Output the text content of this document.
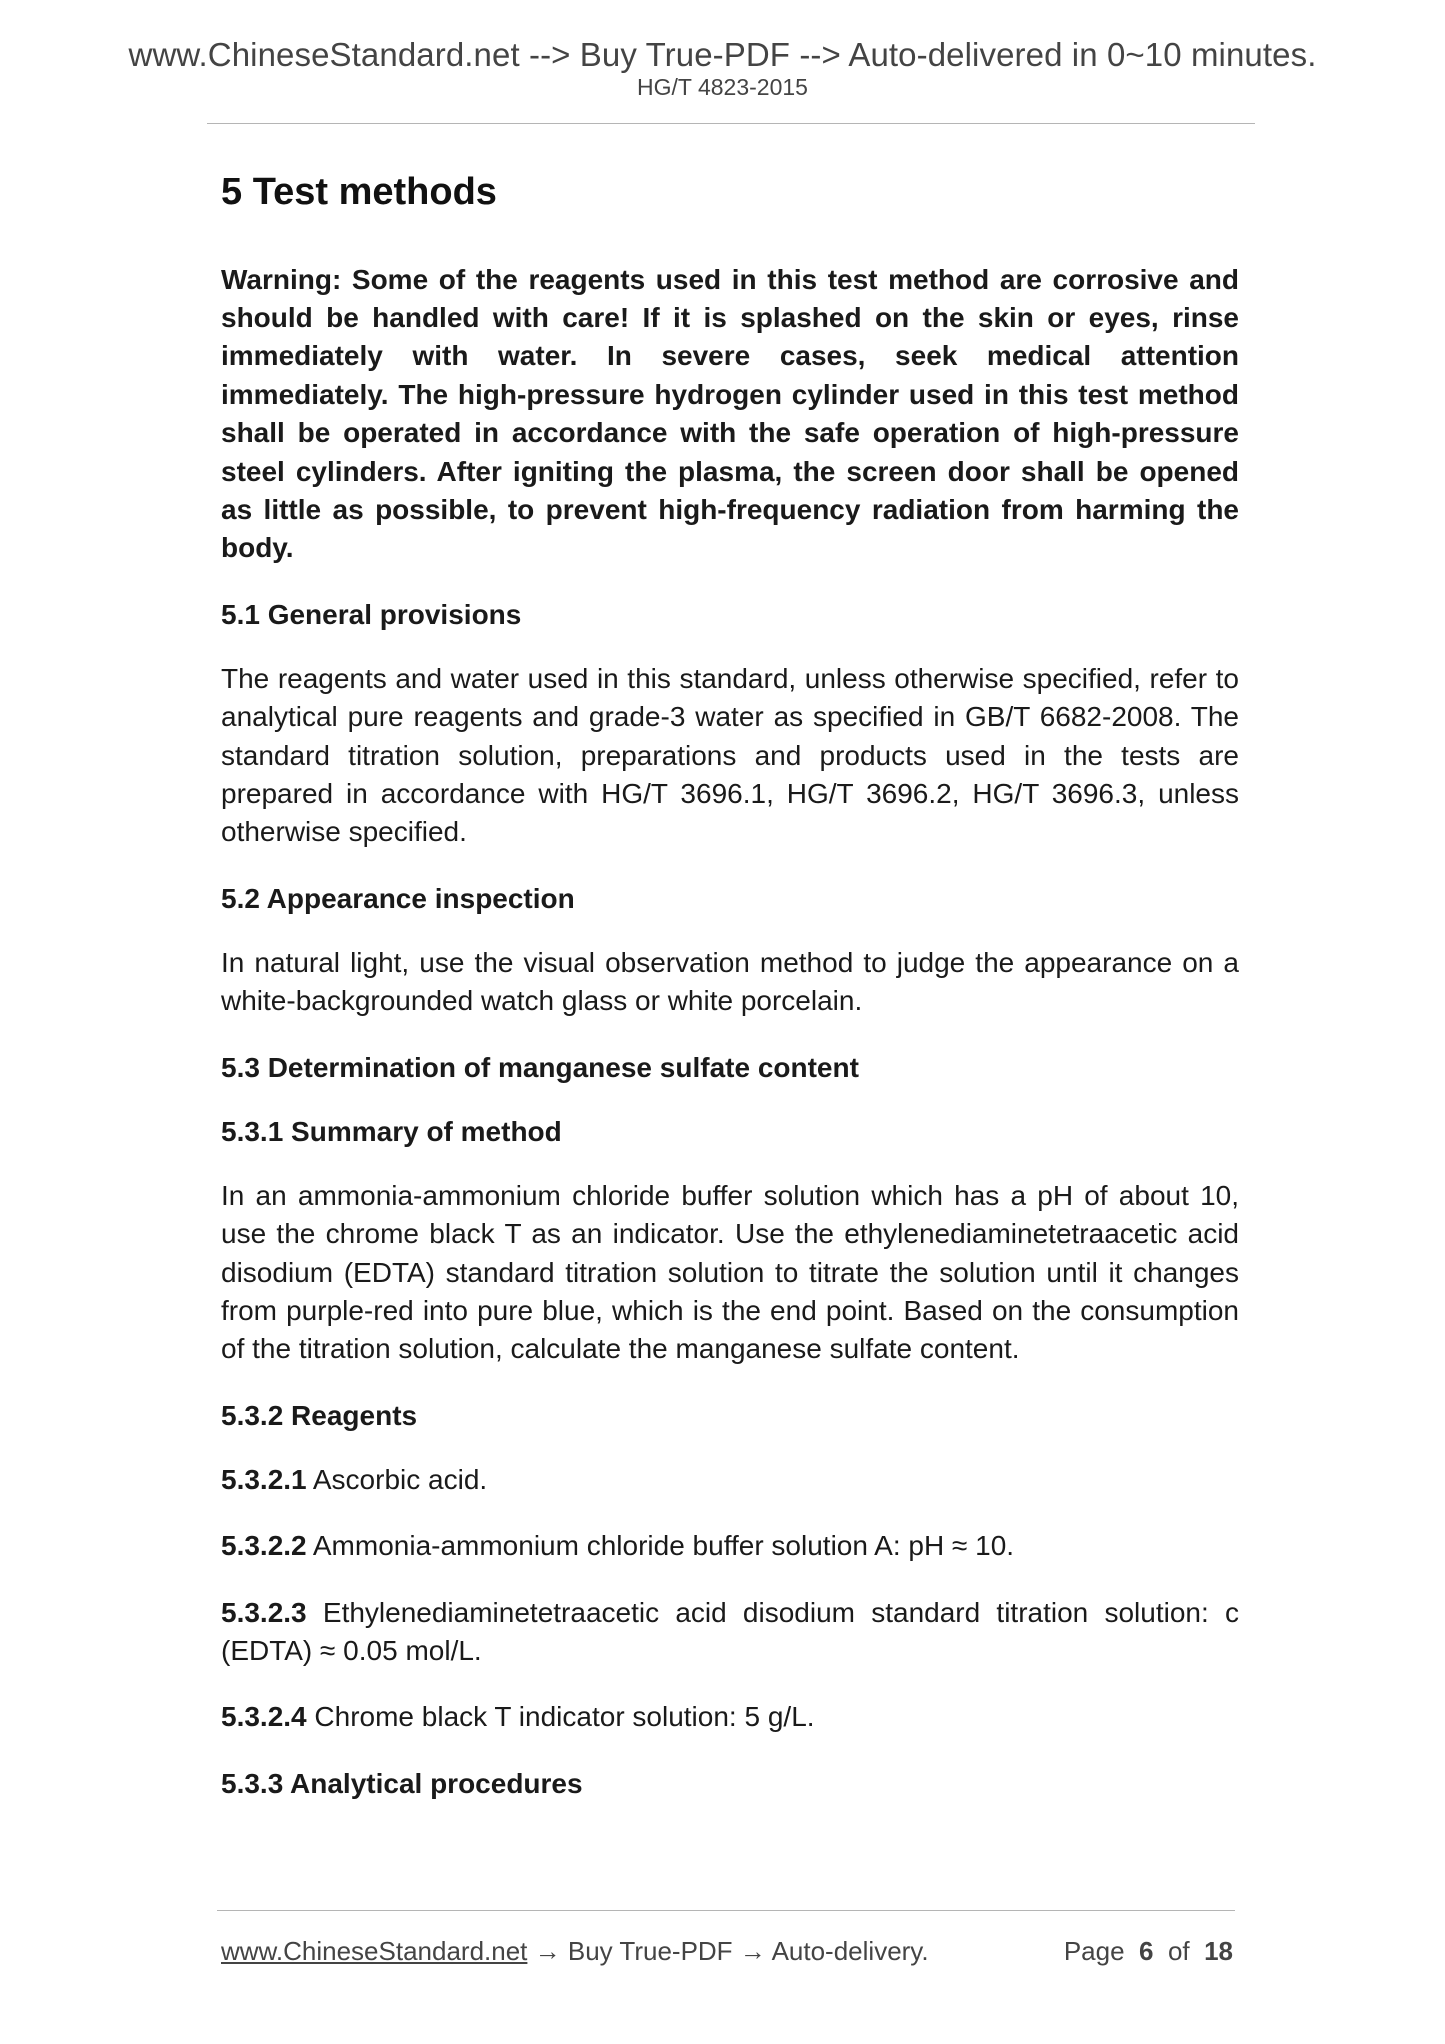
www.ChineseStandard.net --> Buy True-PDF --> Auto-delivered in 0~10 minutes.
HG/T 4823-2015
5 Test methods

Warning: Some of the reagents used in this test method are corrosive and should be handled with care! If it is splashed on the skin or eyes, rinse immediately with water. In severe cases, seek medical attention immediately. The high-pressure hydrogen cylinder used in this test method shall be operated in accordance with the safe operation of high-pressure steel cylinders. After igniting the plasma, the screen door shall be opened as little as possible, to prevent high-frequency radiation from harming the body.

5.1 General provisions

The reagents and water used in this standard, unless otherwise specified, refer to analytical pure reagents and grade-3 water as specified in GB/T 6682-2008. The standard titration solution, preparations and products used in the tests are prepared in accordance with HG/T 3696.1, HG/T 3696.2, HG/T 3696.3, unless otherwise specified.

5.2 Appearance inspection

In natural light, use the visual observation method to judge the appearance on a white-backgrounded watch glass or white porcelain.

5.3 Determination of manganese sulfate content
5.3.1 Summary of method

In an ammonia-ammonium chloride buffer solution which has a pH of about 10, use the chrome black T as an indicator. Use the ethylenediaminetetraacetic acid disodium (EDTA) standard titration solution to titrate the solution until it changes from purple-red into pure blue, which is the end point. Based on the consumption of the titration solution, calculate the manganese sulfate content.

5.3.2 Reagents

5.3.2.1 Ascorbic acid.

5.3.2.2 Ammonia-ammonium chloride buffer solution A: pH ≈ 10.

5.3.2.3 Ethylenediaminetetraacetic acid disodium standard titration solution: c (EDTA) ≈ 0.05 mol/L.

5.3.2.4 Chrome black T indicator solution: 5 g/L.

5.3.3 Analytical procedures
www.ChineseStandard.net → Buy True-PDF → Auto-delivery.	Page 6 of 18
